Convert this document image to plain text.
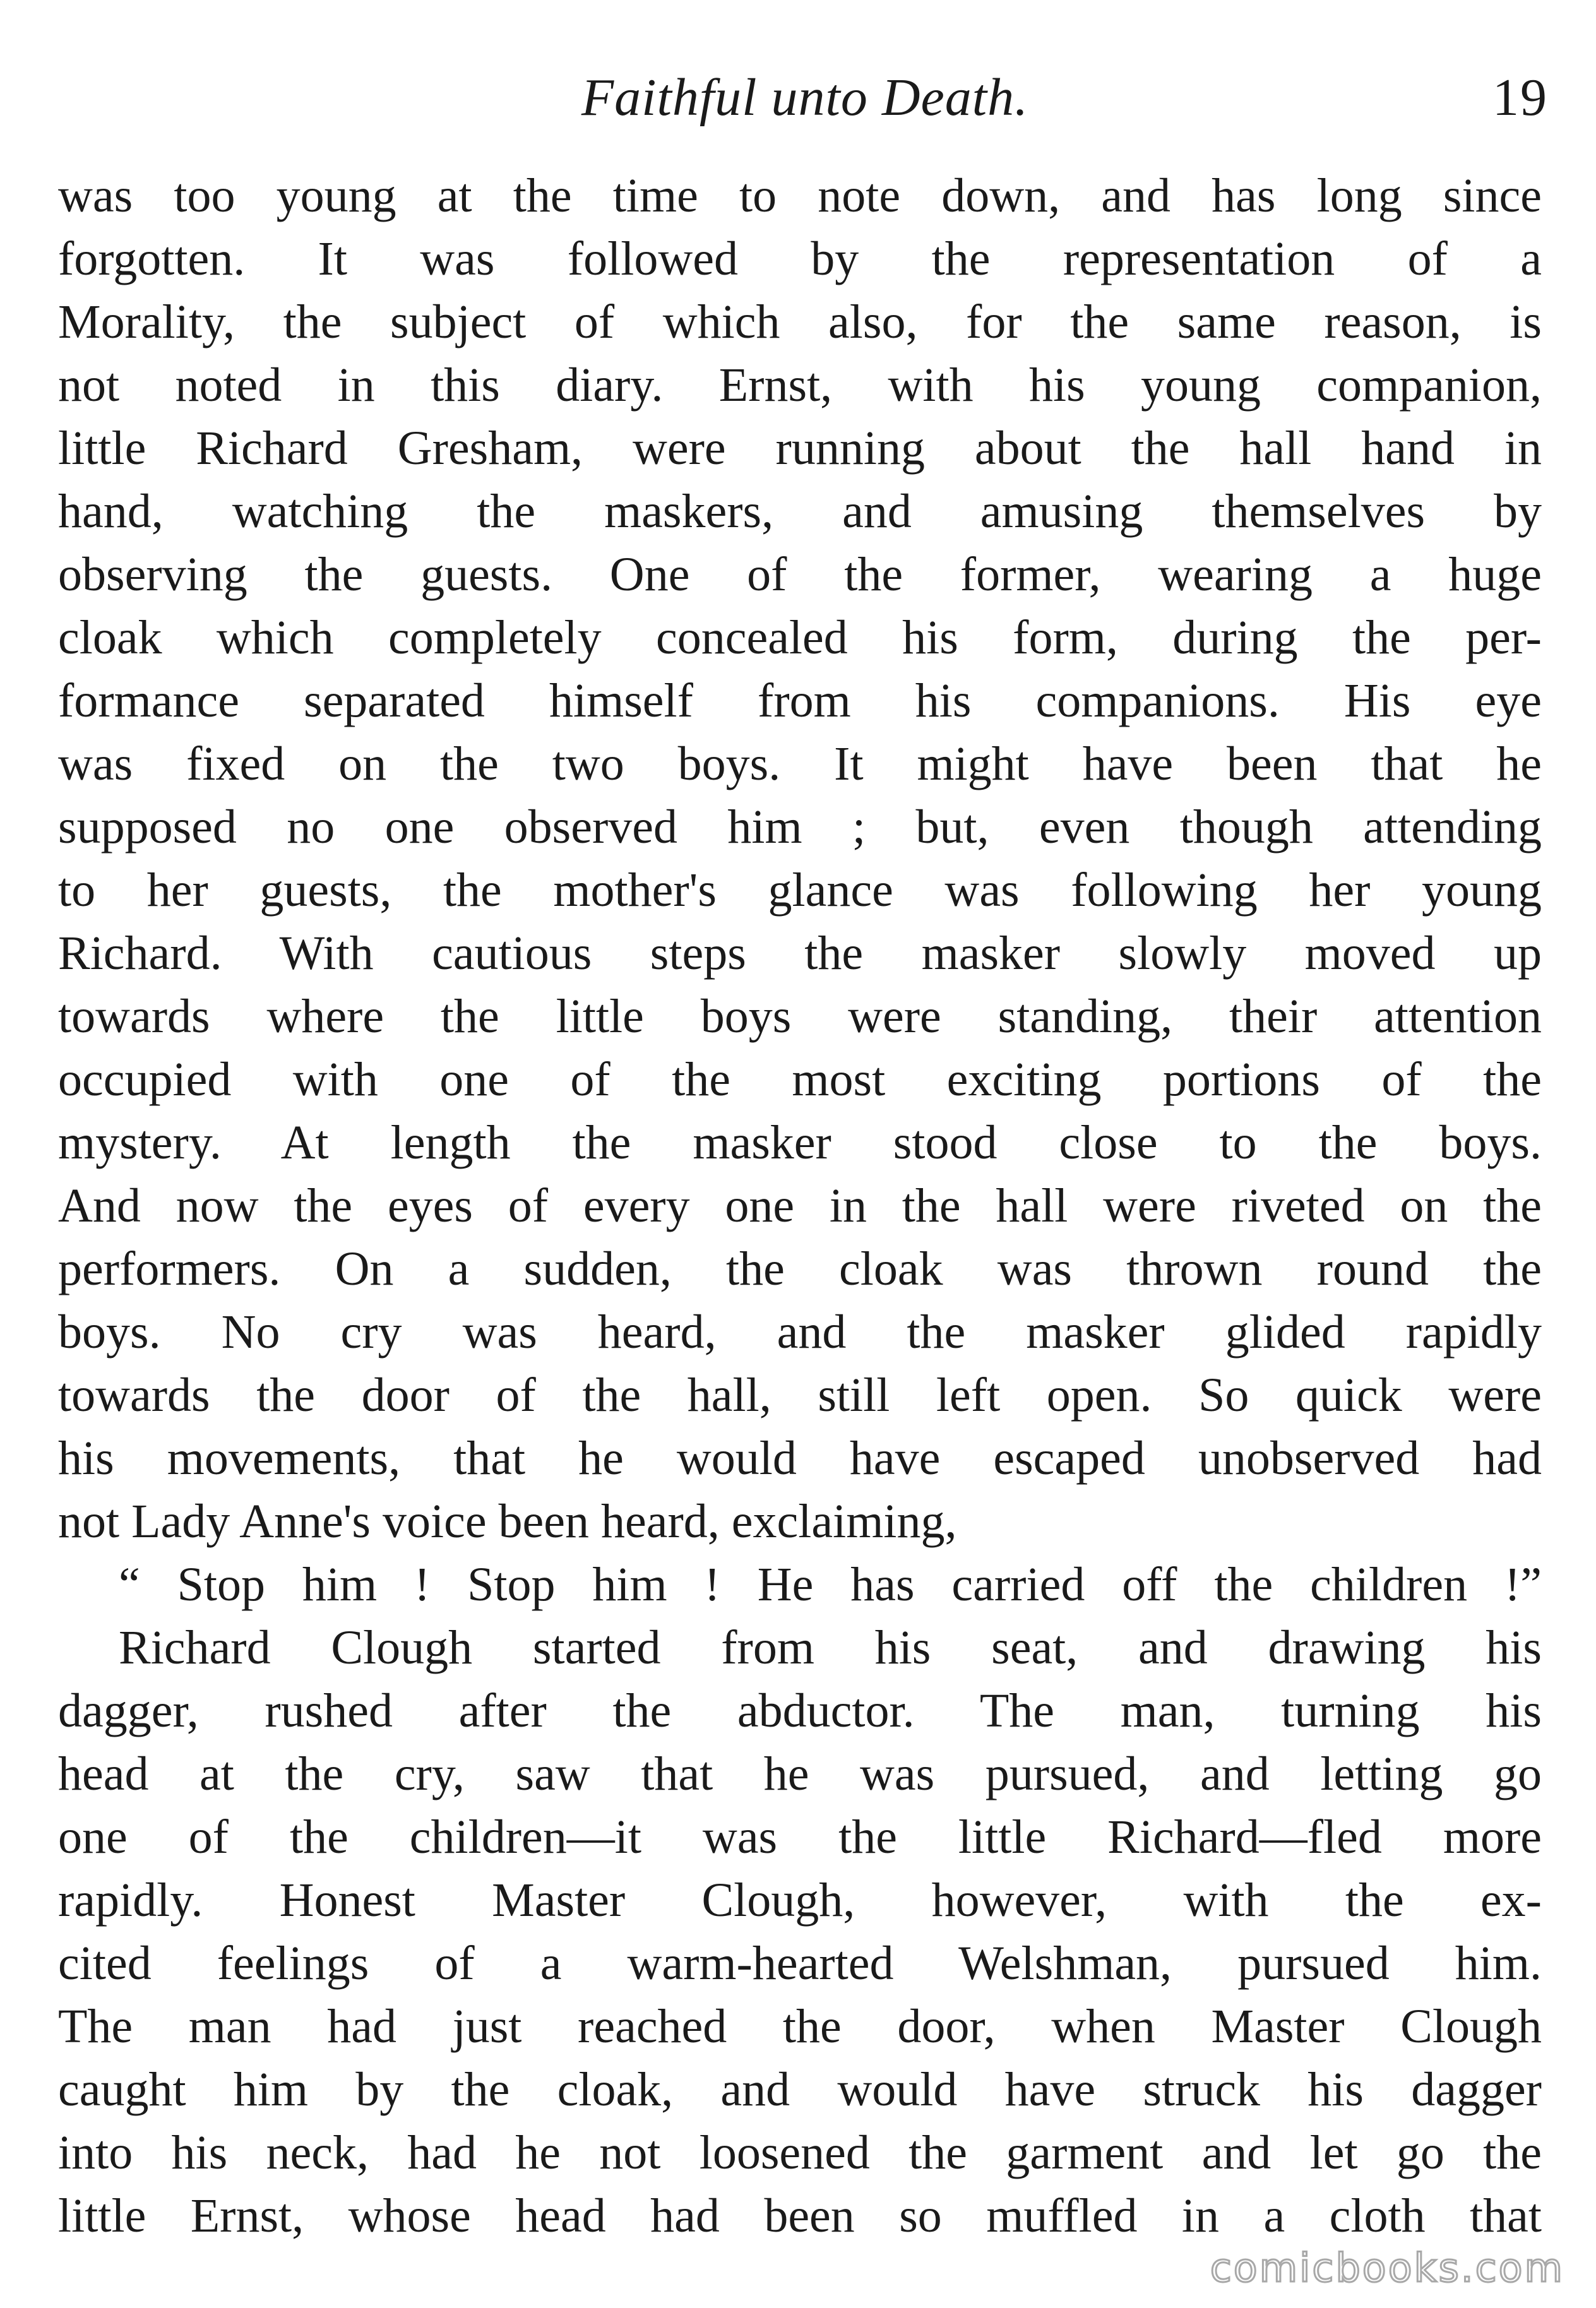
Faithful unto Death.	19
was too young at the time to note down, and has long since
forgotten. It was followed by the representation of a
Morality, the subject of which also, for the same reason, is
not noted in this diary. Ernst, with his young companion,
little Richard Gresham, were running about the hall hand in
hand, watching the maskers, and amusing themselves by
observing the guests. One of the former, wearing a huge
cloak which completely concealed his form, during the per-
formance separated himself from his companions. His eye
was fixed on the two boys. It might have been that he
supposed no one observed him ; but, even though attending
to her guests, the mother's glance was following her young
Richard. With cautious steps the masker slowly moved up
towards where the little boys were standing, their attention
occupied with one of the most exciting portions of the
mystery. At length the masker stood close to the boys.
And now the eyes of every one in the hall were riveted on the
performers. On a sudden, the cloak was thrown round the
boys. No cry was heard, and the masker glided rapidly
towards the door of the hall, still left open. So quick were
his movements, that he would have escaped unobserved had
not Lady Anne's voice been heard, exclaiming,
“ Stop him ! Stop him ! He has carried off the children !”
Richard Clough started from his seat, and drawing his
dagger, rushed after the abductor. The man, turning his
head at the cry, saw that he was pursued, and letting go
one of the children—it was the little Richard—fled more
rapidly. Honest Master Clough, however, with the ex-
cited feelings of a warm-hearted Welshman, pursued him.
The man had just reached the door, when Master Clough
caught him by the cloak, and would have struck his dagger
into his neck, had he not loosened the garment and let go the
little Ernst, whose head had been so muffled in a cloth that
comicbooks.com
